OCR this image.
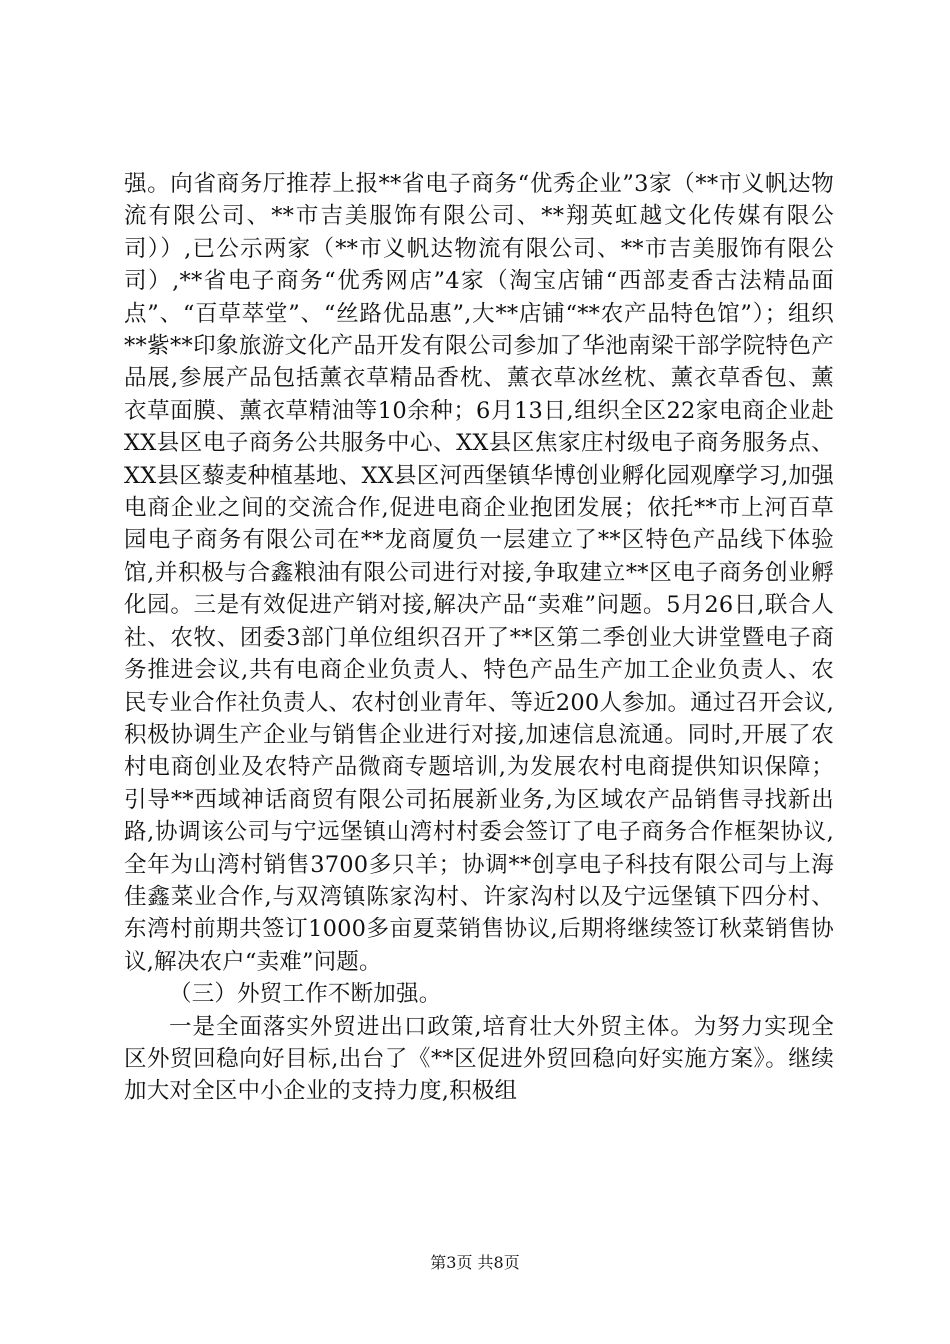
强。向省商务厅推荐上报**省电子商务“优秀企业”3家（**市义帆达物流有限公司、**市吉美服饰有限公司、**翔英虹越文化传媒有限公司））,已公示两家（**市义帆达物流有限公司、**市吉美服饰有限公司）,**省电子商务“优秀网店”4家（淘宝店铺“西部麦香古法精品面点”、“百草萃堂”、“丝路优品惠”,大**店铺“**农产品特色馆”）；组织**紫**印象旅游文化产品开发有限公司参加了华池南梁干部学院特色产品展,参展产品包括薰衣草精品香枕、薰衣草冰丝枕、薰衣草香包、薰衣草面膜、薰衣草精油等10余种；6月13日,组织全区22家电商企业赴XX县区电子商务公共服务中心、XX县区焦家庄村级电子商务服务点、XX县区藜麦种植基地、XX县区河西堡镇华博创业孵化园观摩学习,加强电商企业之间的交流合作,促进电商企业抱团发展；依托**市上河百草园电子商务有限公司在**龙商厦负一层建立了**区特色产品线下体验馆,并积极与合鑫粮油有限公司进行对接,争取建立**区电子商务创业孵化园。三是有效促进产销对接,解决产品“卖难”问题。5月26日,联合人社、农牧、团委3部门单位组织召开了**区第二季创业大讲堂暨电子商务推进会议,共有电商企业负责人、特色产品生产加工企业负责人、农民专业合作社负责人、农村创业青年、等近200人参加。通过召开会议,积极协调生产企业与销售企业进行对接,加速信息流通。同时,开展了农村电商创业及农特产品微商专题培训,为发展农村电商提供知识保障；引导**西域神话商贸有限公司拓展新业务,为区域农产品销售寻找新出路,协调该公司与宁远堡镇山湾村村委会签订了电子商务合作框架协议,全年为山湾村销售3700多只羊；协调**创享电子科技有限公司与上海佳鑫菜业合作,与双湾镇陈家沟村、许家沟村以及宁远堡镇下四分村、东湾村前期共签订1000多亩夏菜销售协议,后期将继续签订秋菜销售协议,解决农户“卖难”问题。

（三）外贸工作不断加强。

一是全面落实外贸进出口政策,培育壮大外贸主体。为努力实现全区外贸回稳向好目标,出台了《**区促进外贸回稳向好实施方案》。继续加大对全区中小企业的支持力度,积极组

第3页 共8页
